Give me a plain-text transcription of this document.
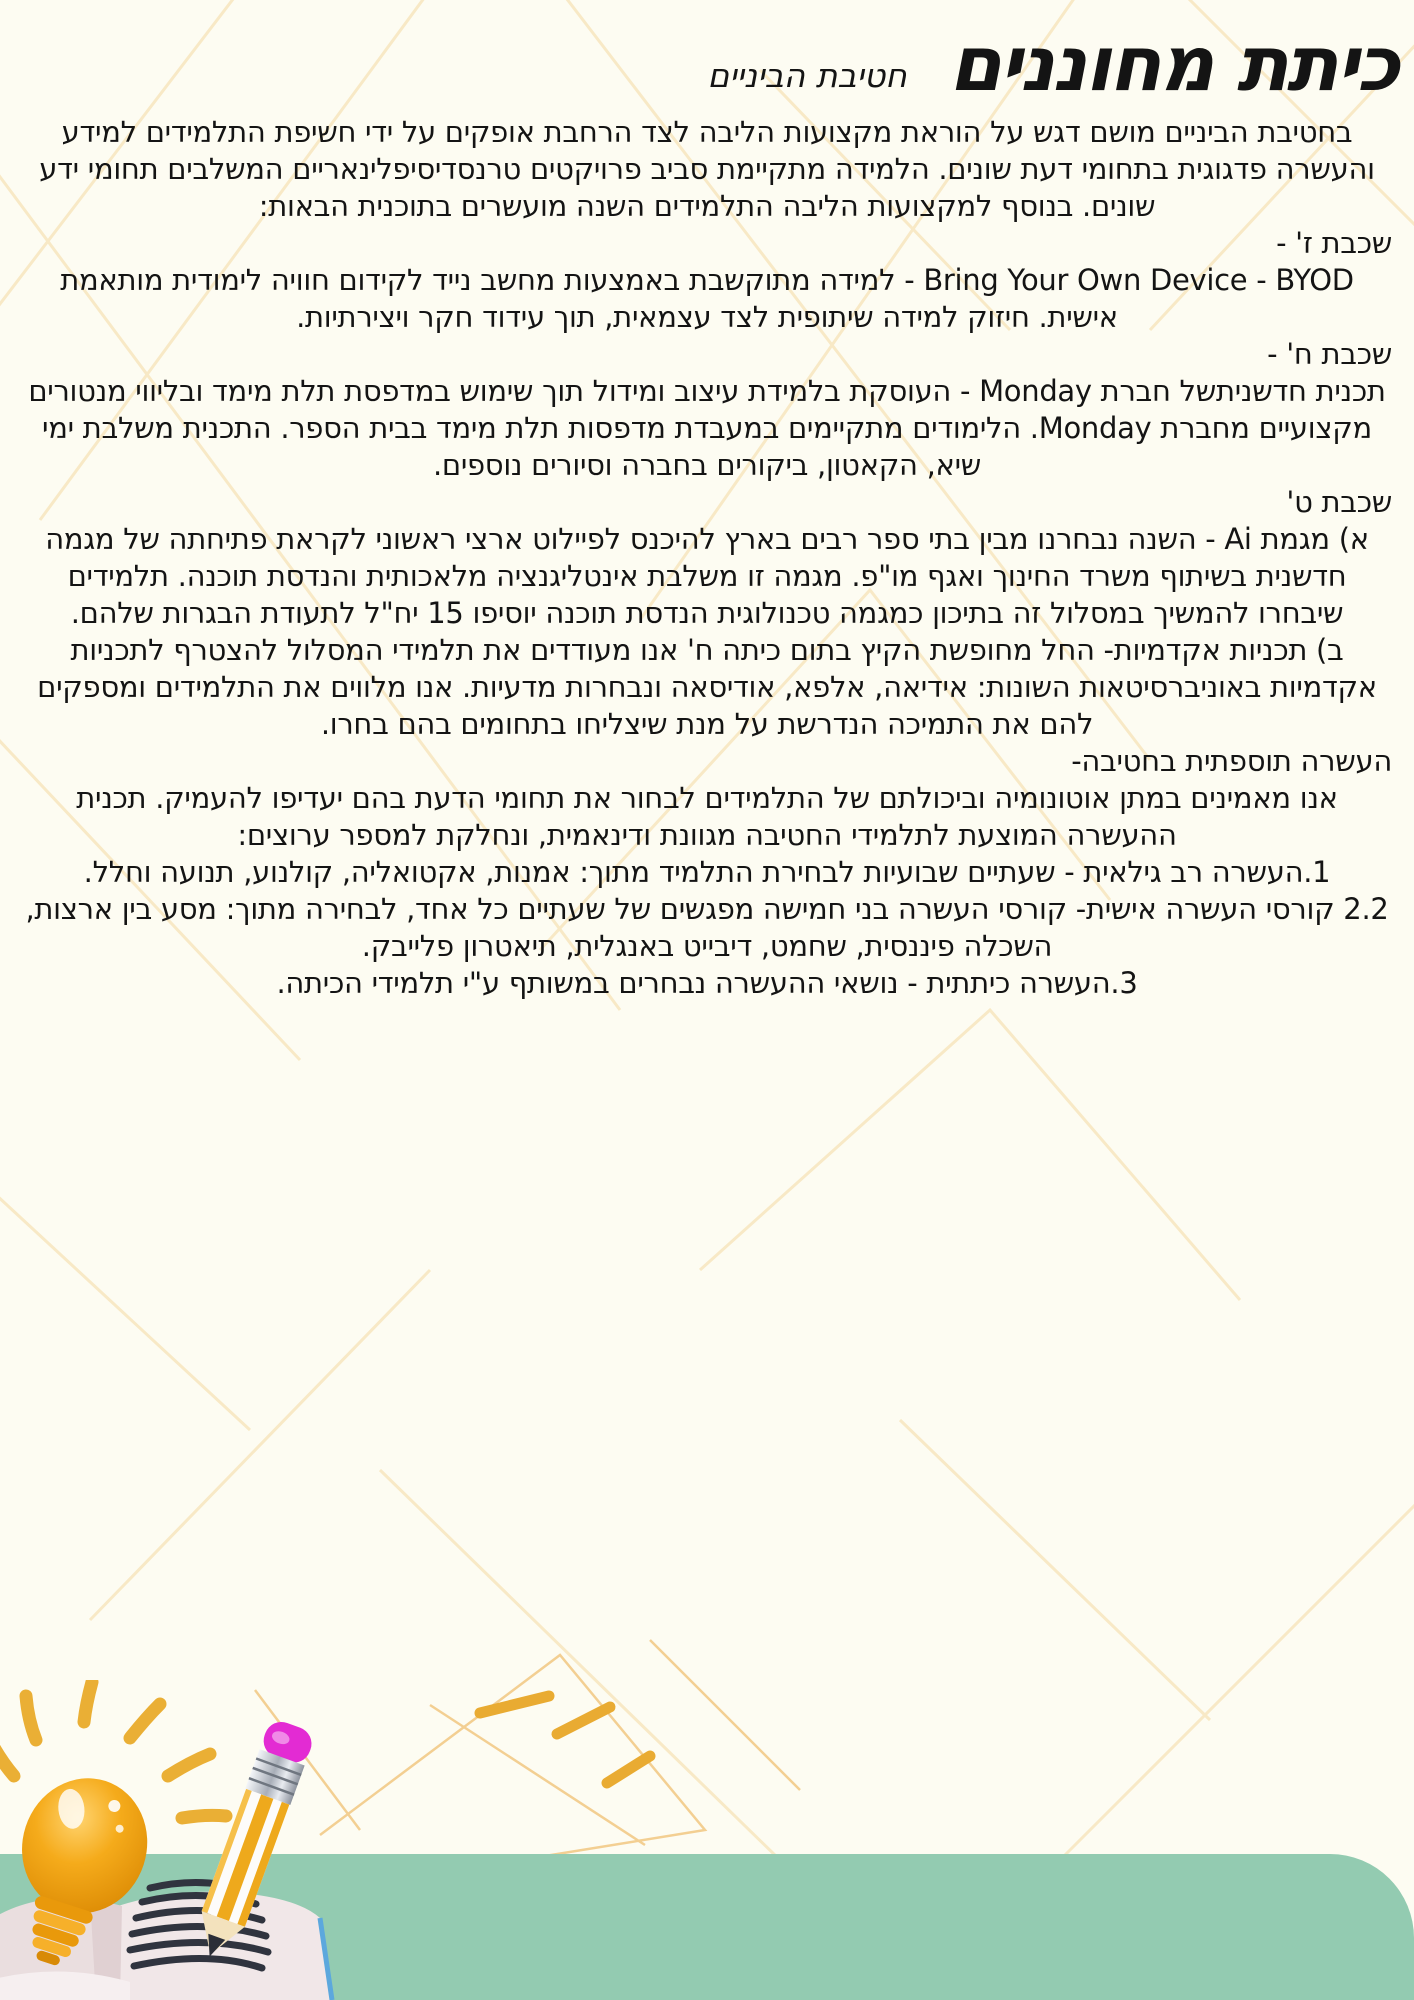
כיתת מחוננים
חטיבת הביניים

בחטיבת הביניים מושם דגש על הוראת מקצועות הליבה לצד הרחבת אופקים על ידי חשיפת התלמידים למידע והעשרה פדגוגית בתחומי דעת שונים. הלמידה מתקיימת סביב פרויקטים טרנסדיסיפלינאריים המשלבים תחומי ידע שונים. בנוסף למקצועות הליבה התלמידים השנה מועשרים בתוכנית הבאות:

שכבת ז' -

BYOD ‏- Bring Your Own Device ‏- למידה מתוקשבת באמצעות מחשב נייד לקידום חוויה לימודית מותאמת אישית. חיזוק למידה שיתופית לצד עצמאית, תוך עידוד חקר ויצירתיות.

שכבת ח' -

תכנית חדשניתשל חברת Monday - העוסקת בלמידת עיצוב ומידול תוך שימוש במדפסת תלת מימד ובליווי מנטורים מקצועיים מחברת Monday. הלימודים מתקיימים במעבדת מדפסות תלת מימד בבית הספר. התכנית משלבת ימי שיא, הקאטון, ביקורים בחברה וסיורים נוספים.

שכבת ט'

א) מגמת Ai - השנה נבחרנו מבין בתי ספר רבים בארץ להיכנס לפיילוט ארצי ראשוני לקראת פתיחתה של מגמה חדשנית בשיתוף משרד החינוך ואגף מו"פ. מגמה זו משלבת אינטליגנציה מלאכותית והנדסת תוכנה. תלמידים שיבחרו להמשיך במסלול זה בתיכון כמגמה טכנולוגית הנדסת תוכנה יוסיפו 15 יח"ל לתעודת הבגרות שלהם.

ב) תכניות אקדמיות- החל מחופשת הקיץ בתום כיתה ח' אנו מעודדים את תלמידי המסלול להצטרף לתכניות אקדמיות באוניברסיטאות השונות: אידיאה, אלפא, אודיסאה ונבחרות מדעיות. אנו מלווים את התלמידים ומספקים להם את התמיכה הנדרשת על מנת שיצליחו בתחומים בהם בחרו.

העשרה תוספתית בחטיבה-

אנו מאמינים במתן אוטונומיה וביכולתם של התלמידים לבחור את תחומי הדעת בהם יעדיפו להעמיק. תכנית ההעשרה המוצעת לתלמידי החטיבה מגוונת ודינאמית, ונחלקת למספר ערוצים:

1.העשרה רב גילאית - שעתיים שבועיות לבחירת התלמיד מתוך: אמנות, אקטואליה, קולנוע, תנועה וחלל.

2.2 קורסי העשרה אישית- קורסי העשרה בני חמישה מפגשים של שעתיים כל אחד, לבחירה מתוך: מסע בין ארצות, השכלה פיננסית, שחמט, דיבייט באנגלית, תיאטרון פלייבק.

3.העשרה כיתתית - נושאי ההעשרה נבחרים במשותף ע"י תלמידי הכיתה.
